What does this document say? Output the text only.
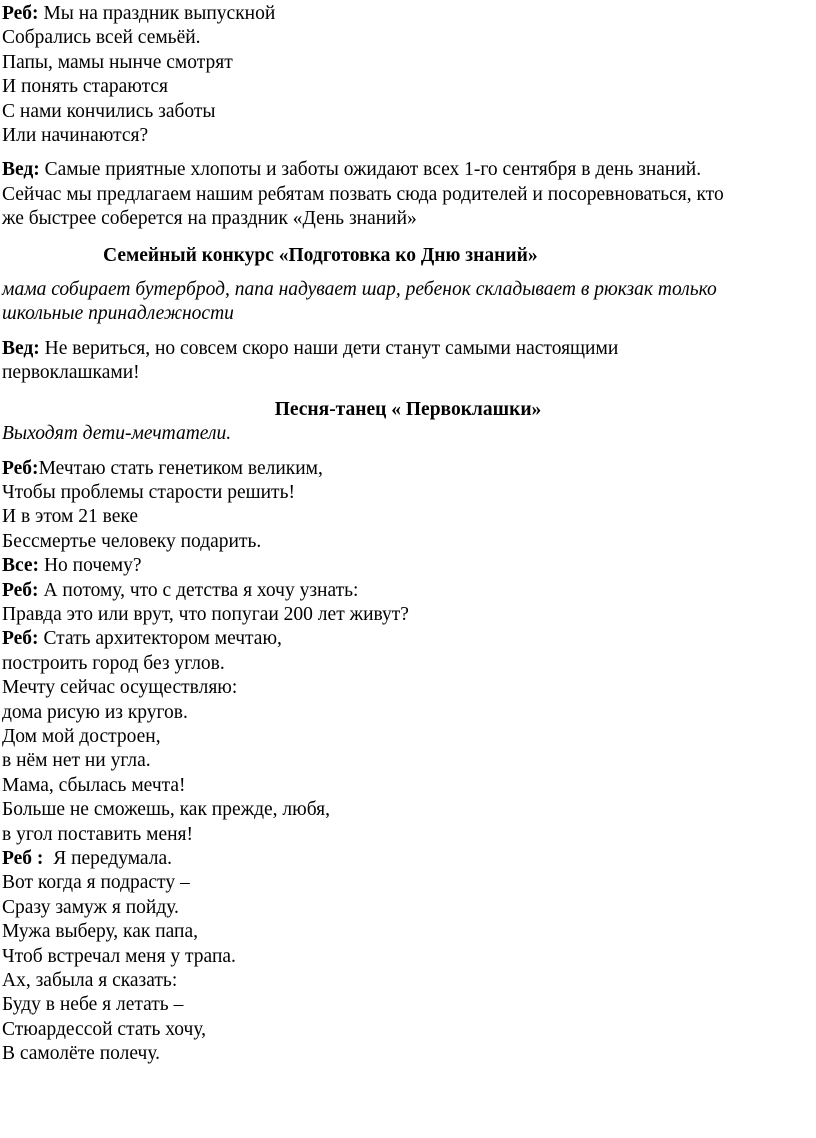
Реб: Мы на праздник выпускной

Собрались всей семьёй.

Папы, мамы нынче смотрят

И понять стараются

С нами кончились заботы

Или начинаются?

Вед: Самые приятные хлопоты и заботы ожидают всех 1-го сентября в день знаний.

Сейчас мы предлагаем нашим ребятам позвать сюда родителей и посоревноваться, кто

же быстрее соберется на праздник «День знаний»

Семейный конкурс «Подготовка ко Дню знаний»

мама собирает бутерброд, папа надувает шар, ребенок складывает в рюкзак только

школьные принадлежности

Вед: Не вериться, но совсем скоро наши дети станут самыми настоящими

первоклашками!

Песня-танец « Первоклашки»

Выходят дети-мечтатели.

Реб:Мечтаю стать генетиком великим,

Чтобы проблемы старости решить!

И в этом 21 веке

Бессмертье человеку подарить.

Все: Но почему?

Реб: А потому, что с детства я хочу узнать:

Правда это или врут, что попугаи 200 лет живут?

Реб: Стать архитектором мечтаю,

построить город без углов.

Мечту сейчас осуществляю:

дома рисую из кругов.

Дом мой достроен,

в нём нет ни угла.

Мама, сбылась мечта!

Больше не сможешь, как прежде, любя,

в угол поставить меня!

Реб :  Я передумала.

Вот когда я подрасту –

Сразу замуж я пойду.

Мужа выберу, как папа,

Чтоб встречал меня у трапа.

Ах, забыла я сказать:

Буду в небе я летать –

Стюардессой стать хочу,

В самолёте полечу.
